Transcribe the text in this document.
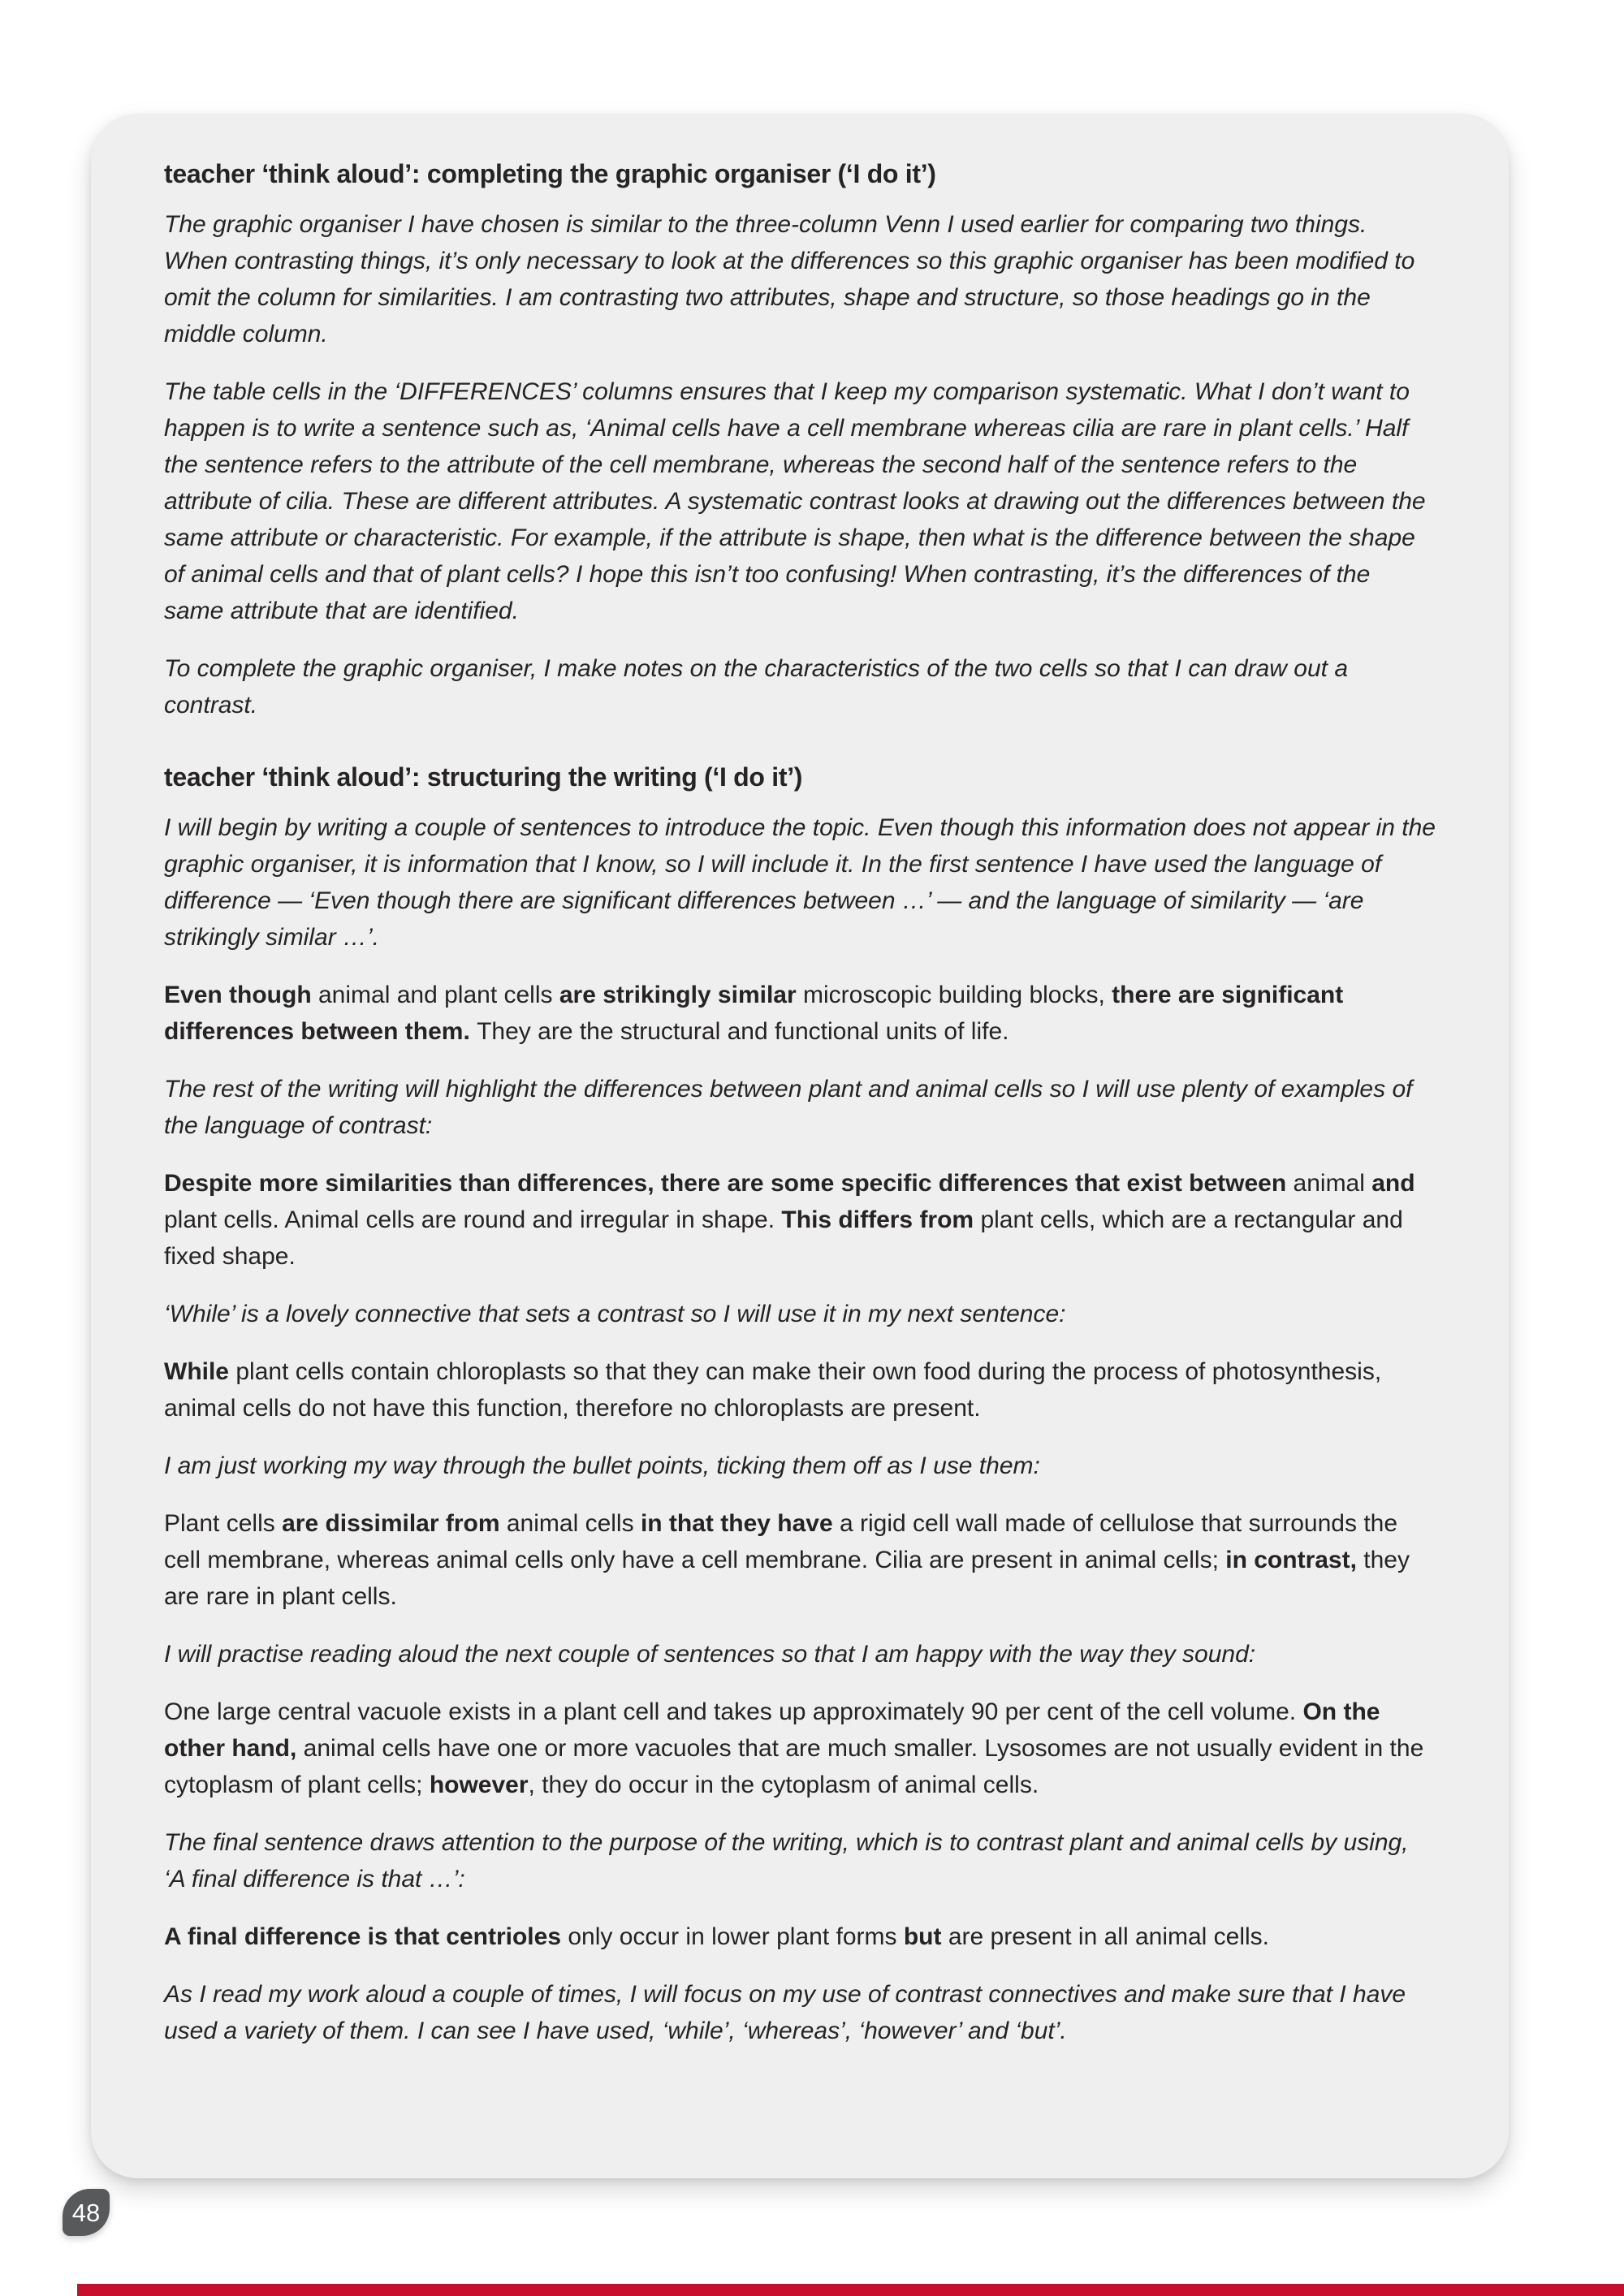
teacher ‘think aloud’: completing the graphic organiser (‘I do it’)

The graphic organiser I have chosen is similar to the three-column Venn I used earlier for comparing two things. When contrasting things, it’s only necessary to look at the differences so this graphic organiser has been modified to omit the column for similarities. I am contrasting two attributes, shape and structure, so those headings go in the middle column.

The table cells in the ‘DIFFERENCES’ columns ensures that I keep my comparison systematic. What I don’t want to happen is to write a sentence such as, ‘Animal cells have a cell membrane whereas cilia are rare in plant cells.’ Half the sentence refers to the attribute of the cell membrane, whereas the second half of the sentence refers to the attribute of cilia. These are different attributes. A systematic contrast looks at drawing out the differences between the same attribute or characteristic. For example, if the attribute is shape, then what is the difference between the shape of animal cells and that of plant cells? I hope this isn’t too confusing! When contrasting, it’s the differences of the same attribute that are identified.

To complete the graphic organiser, I make notes on the characteristics of the two cells so that I can draw out a contrast.

teacher ‘think aloud’: structuring the writing (‘I do it’)

I will begin by writing a couple of sentences to introduce the topic. Even though this information does not appear in the graphic organiser, it is information that I know, so I will include it. In the first sentence I have used the language of difference — ‘Even though there are significant differences between …’ — and the language of similarity — ‘are strikingly similar …’.

Even though animal and plant cells are strikingly similar microscopic building blocks, there are significant differences between them. They are the structural and functional units of life.

The rest of the writing will highlight the differences between plant and animal cells so I will use plenty of examples of the language of contrast:

Despite more similarities than differences, there are some specific differences that exist between animal and plant cells. Animal cells are round and irregular in shape. This differs from plant cells, which are a rectangular and fixed shape.

‘While’ is a lovely connective that sets a contrast so I will use it in my next sentence:

While plant cells contain chloroplasts so that they can make their own food during the process of photosynthesis, animal cells do not have this function, therefore no chloroplasts are present.

I am just working my way through the bullet points, ticking them off as I use them:

Plant cells are dissimilar from animal cells in that they have a rigid cell wall made of cellulose that surrounds the cell membrane, whereas animal cells only have a cell membrane. Cilia are present in animal cells; in contrast, they are rare in plant cells.

I will practise reading aloud the next couple of sentences so that I am happy with the way they sound:

One large central vacuole exists in a plant cell and takes up approximately 90 per cent of the cell volume. On the other hand, animal cells have one or more vacuoles that are much smaller. Lysosomes are not usually evident in the cytoplasm of plant cells; however, they do occur in the cytoplasm of animal cells.

The final sentence draws attention to the purpose of the writing, which is to contrast plant and animal cells by using, ‘A final difference is that …’:

A final difference is that centrioles only occur in lower plant forms but are present in all animal cells.

As I read my work aloud a couple of times, I will focus on my use of contrast connectives and make sure that I have used a variety of them. I can see I have used, ‘while’, ‘whereas’, ‘however’ and ‘but’.

48
